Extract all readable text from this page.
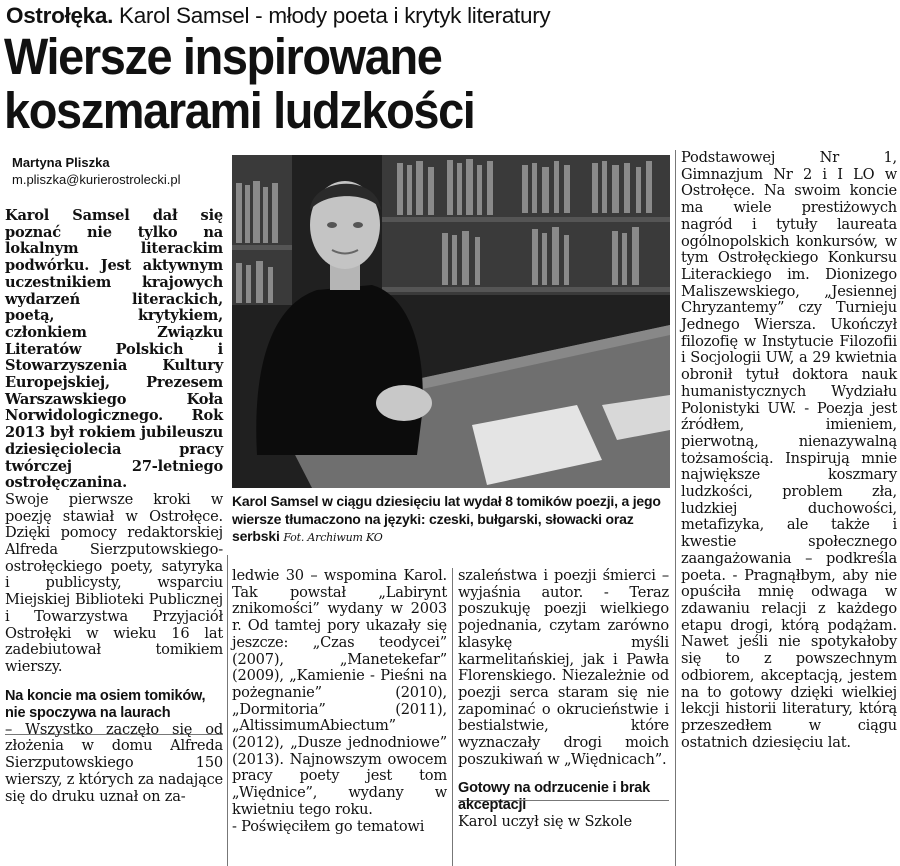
Ostrołęka. Karol Samsel - młody poeta i krytyk literatury
Wiersze inspirowane koszmarami ludzkości
Martyna Pliszka
m.pliszka@kurierostrolecki.pl

Karol Samsel dał się poznać nie tylko na lokalnym literackim podwórku. Jest aktywnym uczestnikiem krajowych wydarzeń literackich, poetą, krytykiem, członkiem Związku Literatów Polskich i Stowarzyszenia Kultury Europejskiej, Prezesem Warszawskiego Koła Norwidologicznego. Rok 2013 był rokiem jubileuszu dziesięciolecia pracy twórczej 27-letniego ostrołęczanina.

Swoje pierwsze kroki w poezję stawiał w Ostrołęce. Dzięki pomocy redaktorskiej Alfreda Sierzputowskiego- ostrołęckiego poety, satyryka i publicysty, wsparciu Miejskiej Biblioteki Publicznej i Towarzystwa Przyjaciół Ostrołęki w wieku 16 lat zadebiutował tomikiem wierszy.

Na koncie ma osiem tomików, nie spoczywa na laurach

– Wszystko zaczęło się od złożenia w domu Alfreda Sierzputowskiego 150 wierszy, z których za nadające się do druku uznał on za-

Karol Samsel w ciągu dziesięciu lat wydał 8 tomików poezji, a jego wiersze tłumaczono na języki: czeski, bułgarski, słowacki oraz serbski Fot. Archiwum KO

ledwie 30 – wspomina Karol. Tak powstał „Labirynt znikomości” wydany w 2003 r. Od tamtej pory ukazały się jeszcze: „Czas teodycei” (2007), „Manetekefar” (2009), „Kamienie - Pieśni na pożegnanie” (2010), „Dormitoria” (2011), „AltissimumAbiectum” (2012), „Dusze jednodniowe” (2013). Najnowszym owocem pracy poety jest tom „Więdnice”, wydany w kwietniu tego roku.

- Poświęciłem go tematowi

szaleństwa i poezji śmierci – wyjaśnia autor. - Teraz poszukuję poezji wielkiego pojednania, czytam zarówno klasykę myśli karmelitańskiej, jak i Pawła Florenskiego. Niezależnie od poezji serca staram się nie zapominać o okrucieństwie i bestialstwie, które wyznaczały drogi moich poszukiwań w „Więdnicach”.

Gotowy na odrzucenie i brak akceptacji

Karol uczył się w Szkole

Podstawowej Nr 1, Gimnazjum Nr 2 i I LO w Ostrołęce. Na swoim koncie ma wiele prestiżowych nagród i tytuły laureata ogólnopolskich konkursów, w tym Ostrołęckiego Konkursu Literackiego im. Dionizego Maliszewskiego, „Jesiennej Chryzantemy” czy Turnieju Jednego Wiersza. Ukończył filozofię w Instytucie Filozofii i Socjologii UW, a 29 kwietnia obronił tytuł doktora nauk humanistycznych Wydziału Polonistyki UW. - Poezja jest źródłem, imieniem, pierwotną, nienazywalną tożsamością. Inspirują mnie największe koszmary ludzkości, problem zła, ludzkiej duchowości, metafizyka, ale także i kwestie społecznego zaangażowania – podkreśla poeta. - Pragnąłbym, aby nie opuściła mnię odwaga w zdawaniu relacji z każdego etapu drogi, którą podążam. Nawet jeśli nie spotykałoby się to z powszechnym odbiorem, akceptacją, jestem na to gotowy dzięki wielkiej lekcji historii literatury, którą przeszedłem w ciągu ostatnich dziesięciu lat.
